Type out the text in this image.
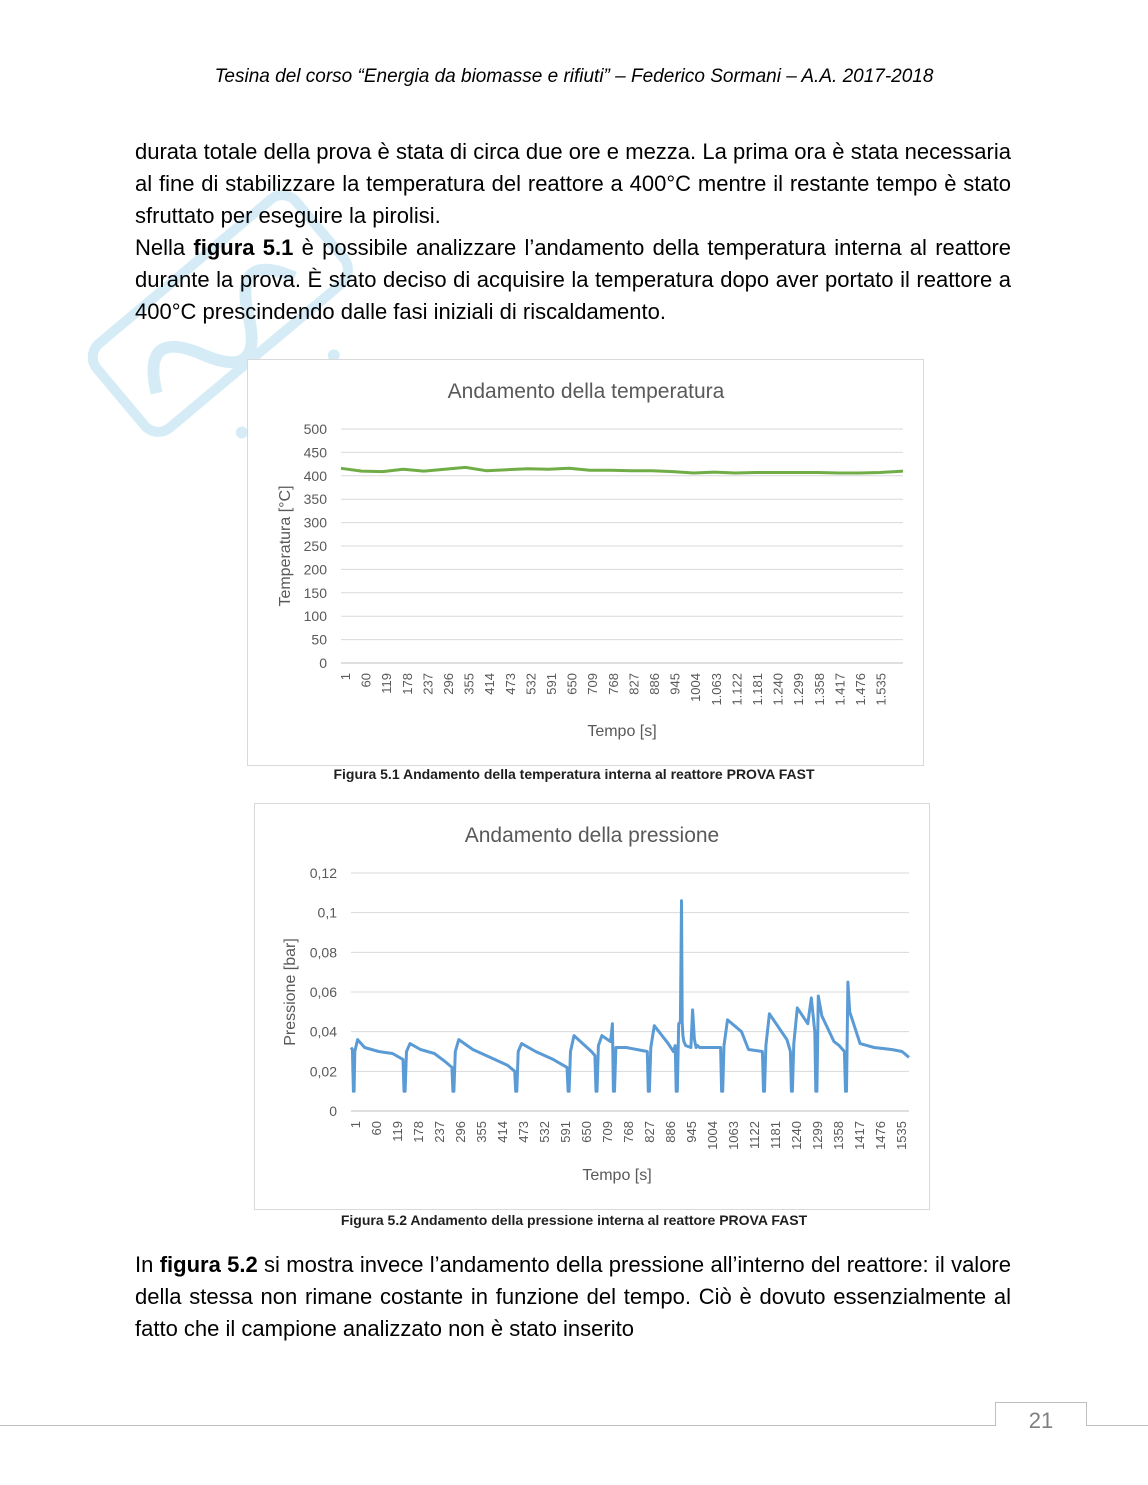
Tesina del corso “Energia da biomasse e rifiuti” – Federico Sormani – A.A. 2017-2018

durata totale della prova è stata di circa due ore e mezza. La prima ora è stata necessaria al fine di stabilizzare la temperatura del reattore a 400°C mentre il restante tempo è stato sfruttato per eseguire la pirolisi.

Nella figura 5.1 è possibile analizzare l’andamento della temperatura interna al reattore durante la prova. È stato deciso di acquisire la temperatura dopo aver portato il reattore a 400°C prescindendo dalle fasi iniziali di riscaldamento.

Andamento della temperatura
0
50
100
150
200
250
300
350
400
450
500
1 60 119 178 237 296 355 414 473 532 591 650 709 768 827 886 945 1004 1.063 1.122 1.181 1.240 1.299 1.358 1.417 1.476 1.535
Tempo [s]
Temperatura [°C]
Figura 5.1 Andamento della temperatura interna al reattore PROVA FAST
Andamento della pressione
0
0,02
0,04
0,06
0,08
0,1
0,12
1 60 119 178 237 296 355 414 473 532 591 650 709 768 827 886 945 1004 1063 1122 1181 1240 1299 1358 1417 1476 1535
Tempo [s]
Pressione [bar]
Figura 5.2 Andamento della pressione interna al reattore PROVA FAST

In figura 5.2 si mostra invece l’andamento della pressione all’interno del reattore: il valore della stessa non rimane costante in funzione del tempo. Ciò è dovuto essenzialmente al fatto che il campione analizzato non è stato inserito

21
